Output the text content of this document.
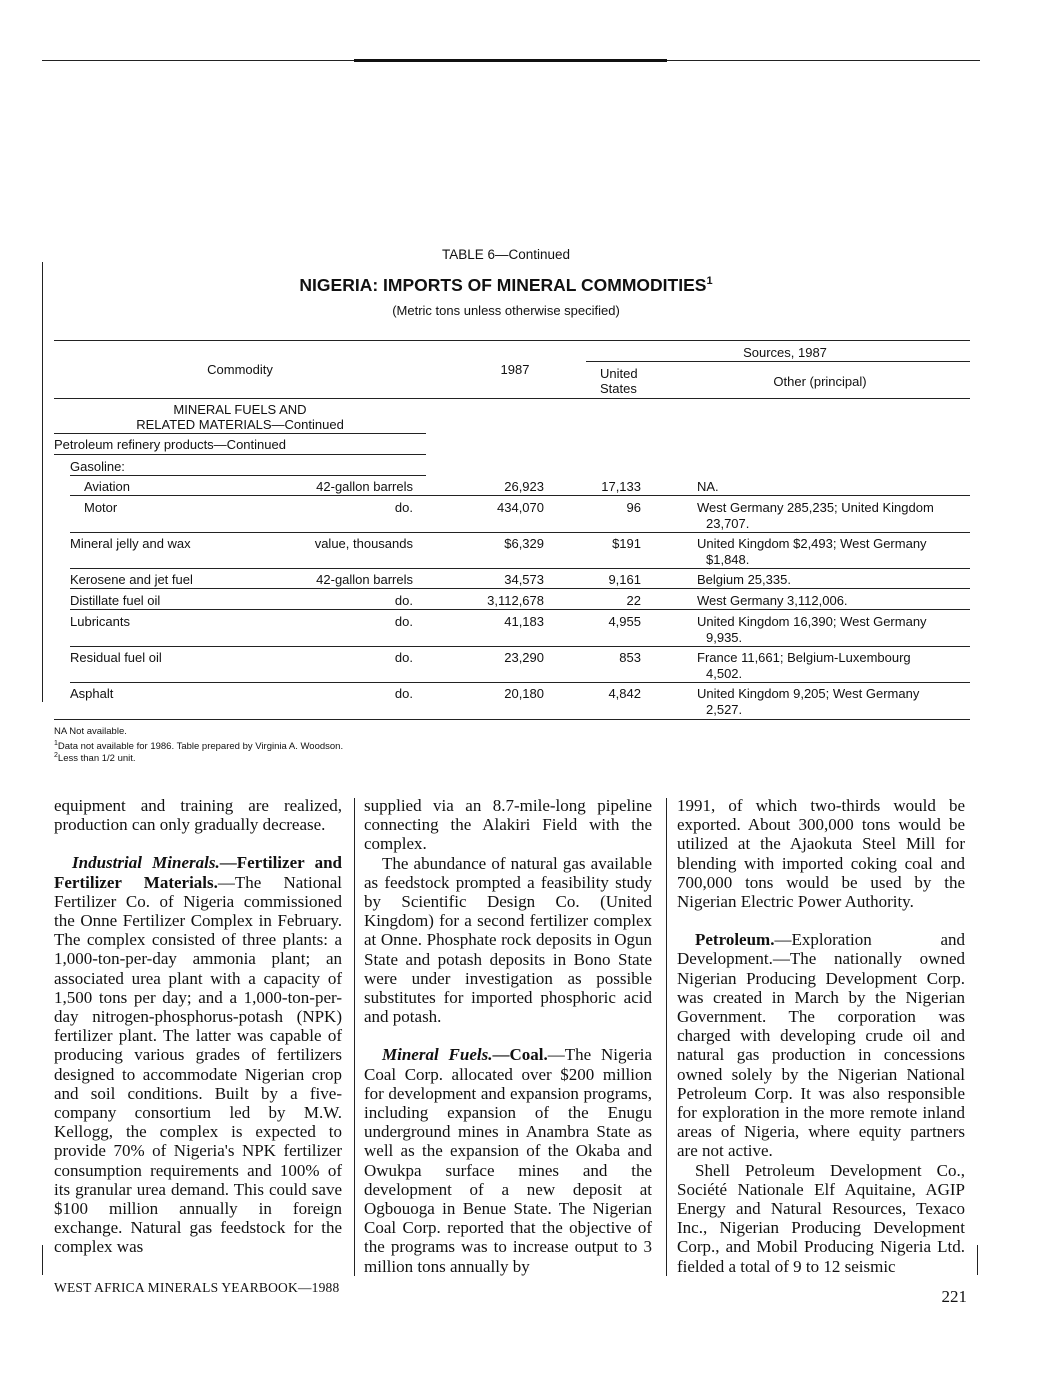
TABLE 6—Continued
NIGERIA: IMPORTS OF MINERAL COMMODITIES$^1$
(Metric tons unless otherwise specified)
Commodity	1987
Sources, 1987
United
States	Other (principal)
MINERAL FUELS AND
RELATED MATERIALS—Continued
Petroleum refinery products—Continued
Gasoline:
Aviation	42-gallon barrels	26,923	17,133	NA.
Motor	do.	434,070	96	West Germany 285,235; United Kingdom
23,707.
Mineral jelly and wax	value, thousands	$6,329	$191	United Kingdom $2,493; West Germany
$1,848.
Kerosene and jet fuel	42-gallon barrels	34,573	9,161	Belgium 25,335.
Distillate fuel oil	do.	3,112,678	22	West Germany 3,112,006.
Lubricants	do.	41,183	4,955	United Kingdom 16,390; West Germany
9,935.
Residual fuel oil	do.	23,290	853	France 11,661; Belgium-Luxembourg
4,502.
Asphalt	do.	20,180	4,842	United Kingdom 9,205; West Germany
2,527.
NA Not available.
$^1$Data not available for 1986. Table prepared by Virginia A. Woodson.
$^2$Less than 1/2 unit.

equipment and training are realized, production can only gradually decrease.

Industrial Minerals.—Fertilizer and Fertilizer Materials.—The National Fertilizer Co. of Nigeria commissioned the Onne Fertilizer Complex in February. The complex consisted of three plants: a 1,000-ton-per-day ammonia plant; an associated urea plant with a capacity of 1,500 tons per day; and a 1,000-ton-per-day nitrogen-phosphorus-potash (NPK) fertilizer plant. The latter was capable of producing various grades of fertilizers designed to accommodate Nigerian crop and soil conditions. Built by a five-company consortium led by M.W. Kellogg, the complex is expected to provide 70% of Nigeria's NPK fertilizer consumption requirements and 100% of its granular urea demand. This could save $100 million annually in foreign exchange. Natural gas feedstock for the complex was

supplied via an 8.7-mile-long pipeline connecting the Alakiri Field with the complex.

The abundance of natural gas available as feedstock prompted a feasibility study by Scientific Design Co. (United Kingdom) for a second fertilizer complex at Onne. Phosphate rock deposits in Ogun State and potash deposits in Bono State were under investigation as possible substitutes for imported phosphoric acid and potash.

Mineral Fuels.—Coal.—The Nigeria Coal Corp. allocated over $200 million for development and expansion programs, including expansion of the Enugu underground mines in Anambra State as well as the expansion of the Okaba and Owukpa surface mines and the development of a new deposit at Ogbouoga in Benue State. The Nigerian Coal Corp. reported that the objective of the programs was to increase output to 3 million tons annually by

1991, of which two-thirds would be exported. About 300,000 tons would be utilized at the Ajaokuta Steel Mill for blending with imported coking coal and 700,000 tons would be used by the Nigerian Electric Power Authority.

Petroleum.—Exploration and Development.—The nationally owned Nigerian Producing Development Corp. was created in March by the Nigerian Government. The corporation was charged with developing crude oil and natural gas production in concessions owned solely by the Nigerian National Petroleum Corp. It was also responsible for exploration in the more remote inland areas of Nigeria, where equity partners are not active.

Shell Petroleum Development Co., Société Nationale Elf Aquitaine, AGIP Energy and Natural Resources, Texaco Inc., Nigerian Producing Development Corp., and Mobil Producing Nigeria Ltd. fielded a total of 9 to 12 seismic

WEST AFRICA MINERALS YEARBOOK—1988	221
